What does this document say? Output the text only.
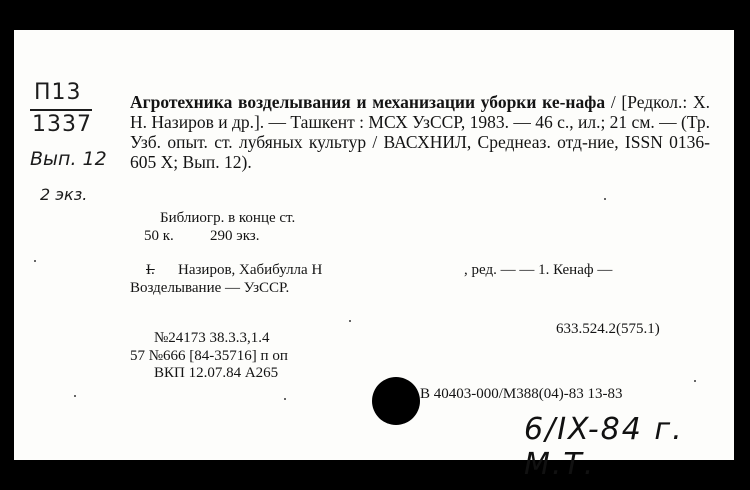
П13
1337
Вып. 12
2 экз.
Агротехника возделывания и механизации уборки ке-нафа / [Редкол.: Х. Н. Назиров и др.]. — Ташкент : МСХ УзССР, 1983. — 46 с., ил.; 21 см. — (Тр. Узб. опыт. ст. лубяных культур / ВАСХНИЛ, Среднеаз. отд-ние, ISSN 0136-605 X; Вып. 12).
Библиогр. в конце ст.
50 к. 290 экз.
I. Назиров, Хабибулла Н	, ред. — — 1. Кенаф —
Возделывание — УзССР.
№24173 38.3.3,1.4
633.524.2(575.1)
57 №666 [84-35716] п оп
ВКП 12.07.84 А265
В 40403-000/М388(04)-83 13-83
6/IX-84 г. М.Т.
